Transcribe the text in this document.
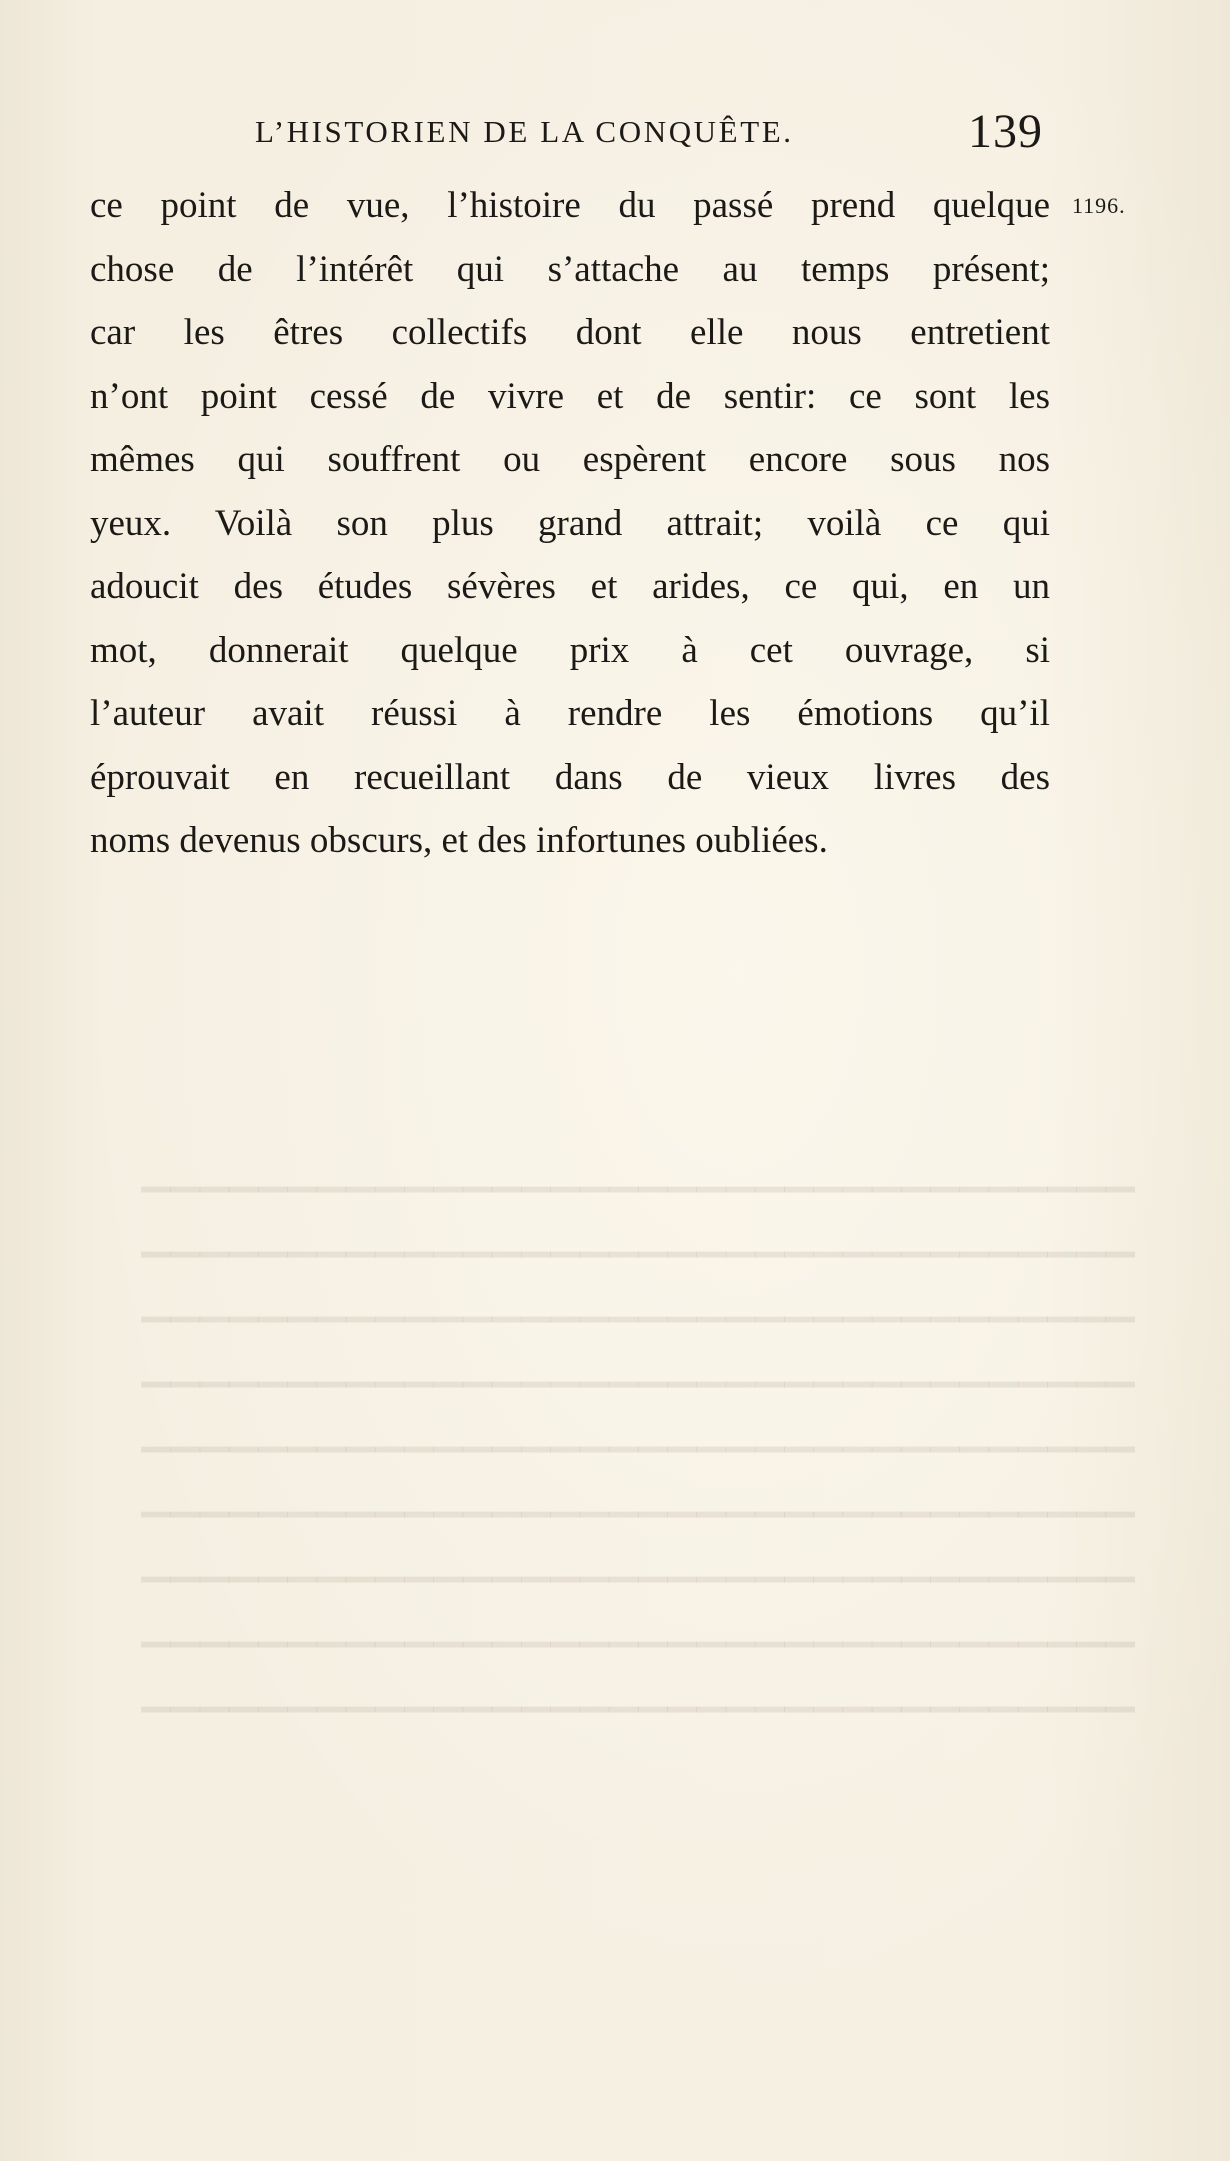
▁▁▁▁▁▁▁▁▁▁▁▁▁▁▁▁▁▁▁▁▁▁▁▁▁▁▁▁▁▁▁▁▁▁
▁▁▁▁▁▁▁▁▁▁▁▁▁▁▁▁▁▁▁▁▁▁▁▁▁▁▁▁▁▁▁▁▁▁
▁▁▁▁▁▁▁▁▁▁▁▁▁▁▁▁▁▁▁▁▁▁▁▁▁▁▁▁▁▁▁▁▁▁
▁▁▁▁▁▁▁▁▁▁▁▁▁▁▁▁▁▁▁▁▁▁▁▁▁▁▁▁▁▁▁▁▁▁
▁▁▁▁▁▁▁▁▁▁▁▁▁▁▁▁▁▁▁▁▁▁▁▁▁▁▁▁▁▁▁▁▁▁
▁▁▁▁▁▁▁▁▁▁▁▁▁▁▁▁▁▁▁▁▁▁▁▁▁▁▁▁▁▁▁▁▁▁
▁▁▁▁▁▁▁▁▁▁▁▁▁▁▁▁▁▁▁▁▁▁▁▁▁▁▁▁▁▁▁▁▁▁
▁▁▁▁▁▁▁▁▁▁▁▁▁▁▁▁▁▁▁▁▁▁▁▁▁▁▁▁▁▁▁▁▁▁
▁▁▁▁▁▁▁▁▁▁▁▁▁▁▁▁▁▁▁▁▁▁▁▁▁▁▁▁▁▁▁▁▁▁
L’HISTORIEN DE LA CONQUÊTE.	139
1196.
ce point de vue, l’histoire du passé prend quelque
chose de l’intérêt qui s’attache au temps présent;
car les êtres collectifs dont elle nous entretient
n’ont point cessé de vivre et de sentir: ce sont les
mêmes qui souffrent ou espèrent encore sous nos
yeux. Voilà son plus grand attrait; voilà ce qui
adoucit des études sévères et arides, ce qui, en un
mot, donnerait quelque prix à cet ouvrage, si
l’auteur avait réussi à rendre les émotions qu’il
éprouvait en recueillant dans de vieux livres des
noms devenus obscurs, et des infortunes oubliées.
